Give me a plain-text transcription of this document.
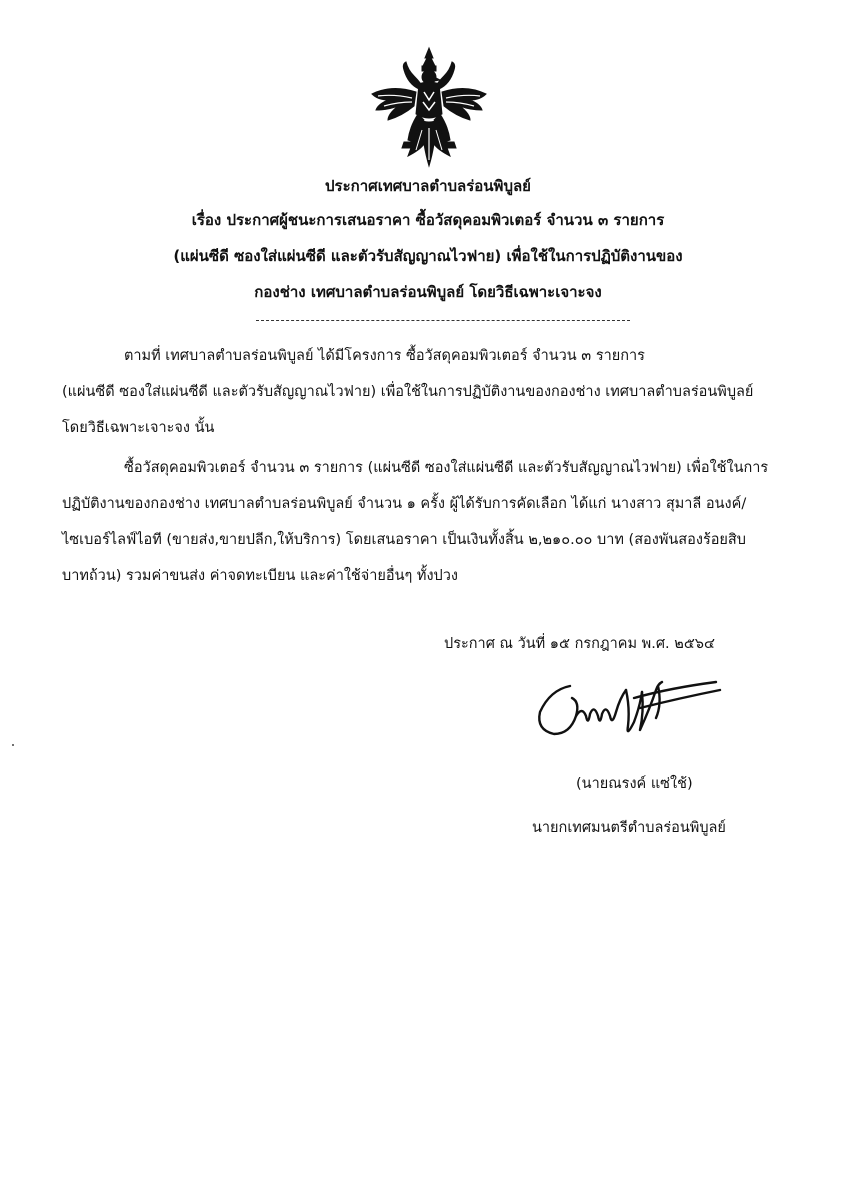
ประกาศเทศบาลตำบลร่อนพิบูลย์
เรื่อง ประกาศผู้ชนะการเสนอราคา ซื้อวัสดุคอมพิวเตอร์ จำนวน ๓ รายการ
(แผ่นซีดี ซองใส่แผ่นซีดี และตัวรับสัญญาณไวฟาย) เพื่อใช้ในการปฏิบัติงานของ
กองช่าง เทศบาลตำบลร่อนพิบูลย์ โดยวิธีเฉพาะเจาะจง
ตามที่ เทศบาลตำบลร่อนพิบูลย์ ได้มีโครงการ ซื้อวัสดุคอมพิวเตอร์ จำนวน ๓ รายการ
(แผ่นซีดี ซองใส่แผ่นซีดี และตัวรับสัญญาณไวฟาย) เพื่อใช้ในการปฏิบัติงานของกองช่าง เทศบาลตำบลร่อนพิบูลย์
โดยวิธีเฉพาะเจาะจง นั้น
ซื้อวัสดุคอมพิวเตอร์ จำนวน ๓ รายการ (แผ่นซีดี ซองใส่แผ่นซีดี และตัวรับสัญญาณไวฟาย) เพื่อใช้ในการ
ปฏิบัติงานของกองช่าง เทศบาลตำบลร่อนพิบูลย์ จำนวน ๑ ครั้ง ผู้ได้รับการคัดเลือก ได้แก่ นางสาว สุมาลี อนงค์/
ไซเบอร์ไลฟ์ไอที (ขายส่ง,ขายปลีก,ให้บริการ) โดยเสนอราคา เป็นเงินทั้งสิ้น ๒,๒๑๐.๐๐ บาท (สองพันสองร้อยสิบ
บาทถ้วน) รวมค่าขนส่ง ค่าจดทะเบียน และค่าใช้จ่ายอื่นๆ ทั้งปวง
ประกาศ ณ วันที่ ๑๕ กรกฎาคม พ.ศ. ๒๕๖๔
(นายณรงค์ แซ่ใช้)
นายกเทศมนตรีตำบลร่อนพิบูลย์
